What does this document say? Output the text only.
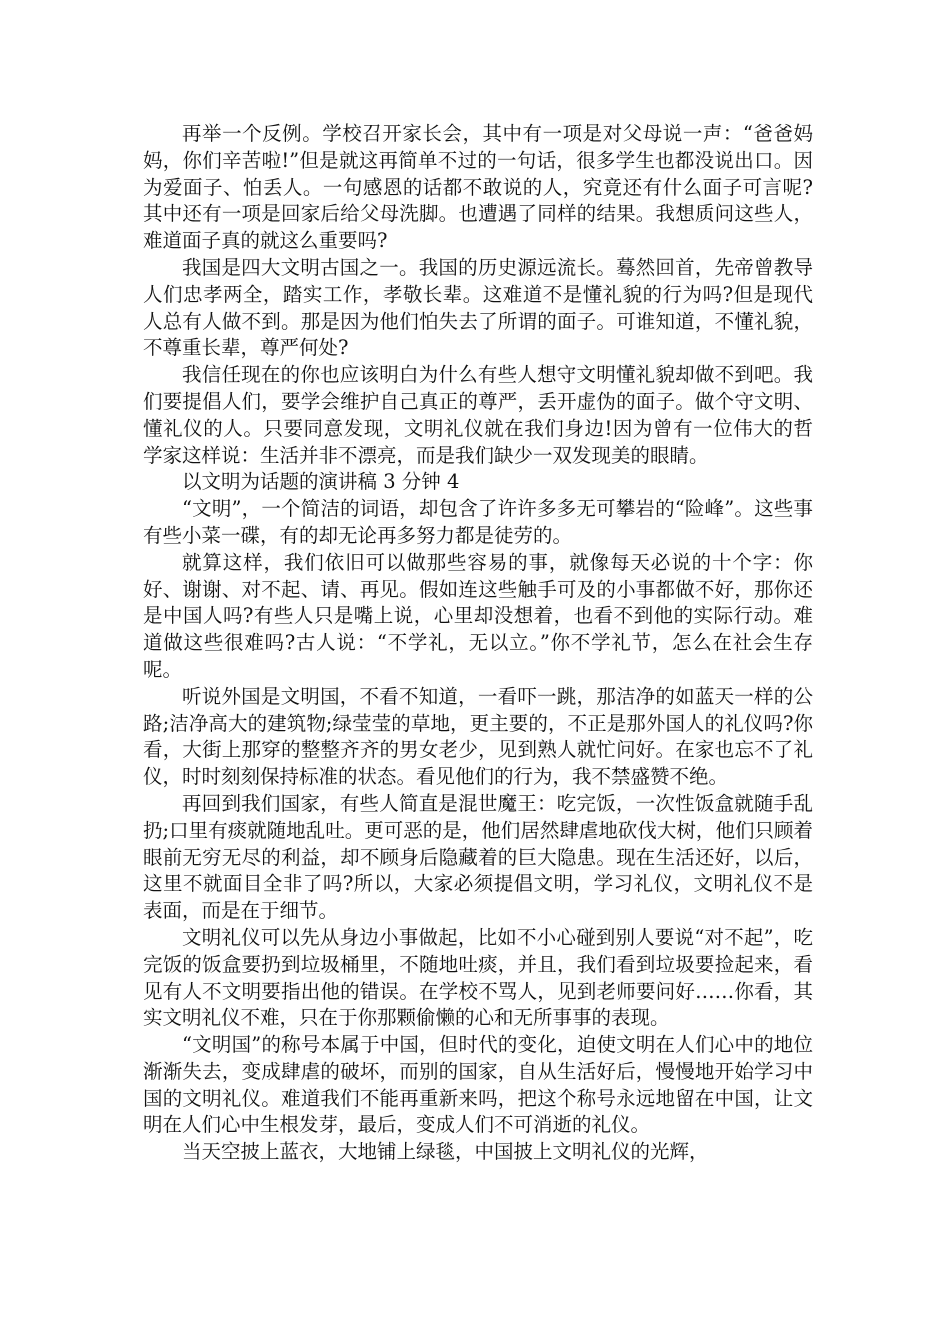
再举一个反例。学校召开家长会，其中有一项是对父母说一声：“爸爸妈妈，你们辛苦啦!”但是就这再简单不过的一句话，很多学生也都没说出口。因为爱面子、怕丢人。一句感恩的话都不敢说的人，究竟还有什么面子可言呢?其中还有一项是回家后给父母洗脚。也遭遇了同样的结果。我想质问这些人，难道面子真的就这么重要吗?

我国是四大文明古国之一。我国的历史源远流长。蓦然回首，先帝曾教导人们忠孝两全，踏实工作，孝敬长辈。这难道不是懂礼貌的行为吗?但是现代人总有人做不到。那是因为他们怕失去了所谓的面子。可谁知道，不懂礼貌，不尊重长辈，尊严何处?

我信任现在的你也应该明白为什么有些人想守文明懂礼貌却做不到吧。我们要提倡人们，要学会维护自己真正的尊严，丢开虚伪的面子。做个守文明、懂礼仪的人。只要同意发现，文明礼仪就在我们身边!因为曾有一位伟大的哲学家这样说：生活并非不漂亮，而是我们缺少一双发现美的眼睛。

以文明为话题的演讲稿 3 分钟 4

“文明”，一个简洁的词语，却包含了许许多多无可攀岩的“险峰”。这些事有些小菜一碟，有的却无论再多努力都是徒劳的。

就算这样，我们依旧可以做那些容易的事，就像每天必说的十个字：你好、谢谢、对不起、请、再见。假如连这些触手可及的小事都做不好，那你还是中国人吗?有些人只是嘴上说，心里却没想着，也看不到他的实际行动。难道做这些很难吗?古人说：“不学礼，无以立。”你不学礼节，怎么在社会生存呢。

听说外国是文明国，不看不知道，一看吓一跳，那洁净的如蓝天一样的公路;洁净高大的建筑物;绿莹莹的草地，更主要的，不正是那外国人的礼仪吗?你看，大街上那穿的整整齐齐的男女老少，见到熟人就忙问好。在家也忘不了礼仪，时时刻刻保持标准的状态。看见他们的行为，我不禁盛赞不绝。

再回到我们国家，有些人简直是混世魔王：吃完饭，一次性饭盒就随手乱扔;口里有痰就随地乱吐。更可恶的是，他们居然肆虐地砍伐大树，他们只顾着眼前无穷无尽的利益，却不顾身后隐藏着的巨大隐患。现在生活还好，以后，这里不就面目全非了吗?所以，大家必须提倡文明，学习礼仪，文明礼仪不是表面，而是在于细节。

文明礼仪可以先从身边小事做起，比如不小心碰到别人要说“对不起”，吃完饭的饭盒要扔到垃圾桶里，不随地吐痰，并且，我们看到垃圾要捡起来，看见有人不文明要指出他的错误。在学校不骂人，见到老师要问好……你看，其实文明礼仪不难，只在于你那颗偷懒的心和无所事事的表现。

“文明国”的称号本属于中国，但时代的变化，迫使文明在人们心中的地位渐渐失去，变成肆虐的破坏，而别的国家，自从生活好后，慢慢地开始学习中国的文明礼仪。难道我们不能再重新来吗，把这个称号永远地留在中国，让文明在人们心中生根发芽，最后，变成人们不可消逝的礼仪。

当天空披上蓝衣，大地铺上绿毯，中国披上文明礼仪的光辉，
